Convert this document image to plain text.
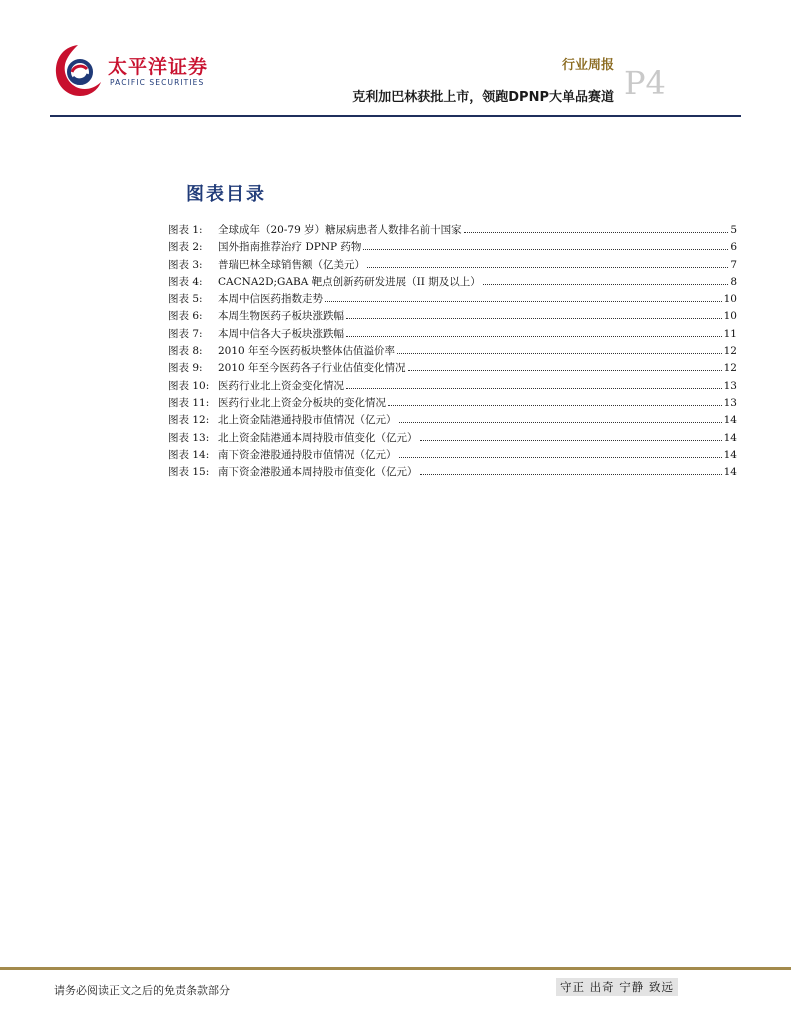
太平洋证券
PACIFIC SECURITIES
行业周报
克利加巴林获批上市，领跑DPNP大单品赛道 P4
图表目录
图表 1:	全球成年（20-79 岁）糖尿病患者人数排名前十国家	5
图表 2:	国外指南推荐治疗 DPNP 药物	6
图表 3:	普瑞巴林全球销售额（亿美元）	7
图表 4:	CACNA2D;GABA 靶点创新药研发进展（II 期及以上）	8
图表 5:	本周中信医药指数走势	10
图表 6:	本周生物医药子板块涨跌幅	10
图表 7:	本周中信各大子板块涨跌幅	11
图表 8:	2010 年至今医药板块整体估值溢价率	12
图表 9:	2010 年至今医药各子行业估值变化情况	12
图表 10: 医药行业北上资金变化情况	13
图表 11: 医药行业北上资金分板块的变化情况	13
图表 12: 北上资金陆港通持股市值情况（亿元）	14
图表 13: 北上资金陆港通本周持股市值变化（亿元）	14
图表 14: 南下资金港股通持股市值情况（亿元）	14
图表 15: 南下资金港股通本周持股市值变化（亿元）	14
请务必阅读正文之后的免责条款部分	守正 出奇 宁静 致远
